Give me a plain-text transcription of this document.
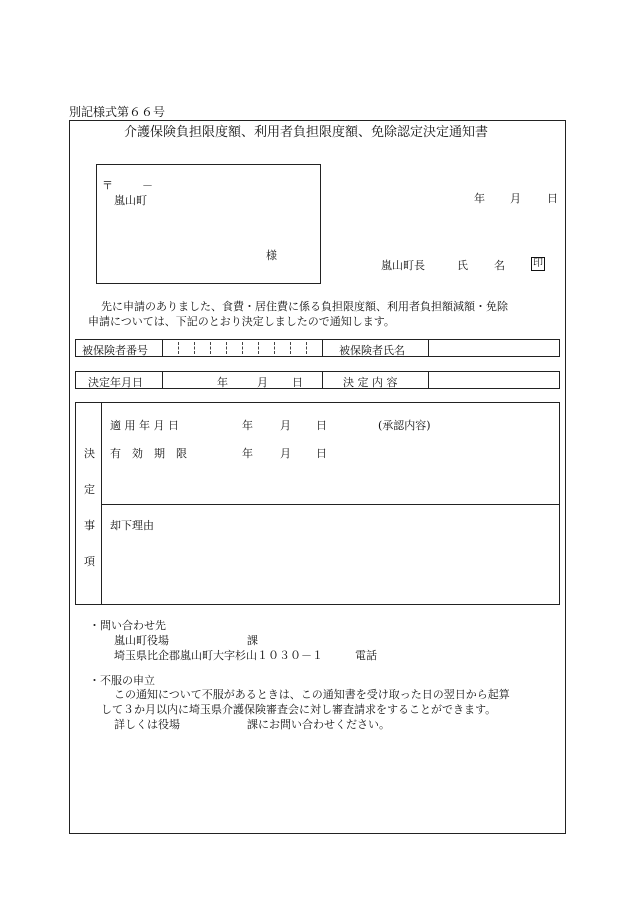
別記様式第６６号
介護保険負担限度額、利用者負担限度額、免除認定決定通知書
〒	－
嵐山町
様
年 月 日
嵐山町長	氏 名	印
先に申請のありました、食費・居住費に係る負担限度額、利用者負担額減額・免除
申請については、下記のとおり決定しましたので通知します。
被保険者番号	被保険者氏名
決定年月日	年	月 日	決 定 内 容
決
定
事
項
適 用 年 月 日	年 月 日	(承認内容)
有　効　期　限	年 月 日
却下理由
・問い合わせ先
嵐山町役場	課
埼玉県比企郡嵐山町大字杉山１０３０－１	電話
・不服の申立
この通知について不服があるときは、この通知書を受け取った日の翌日から起算
して３か月以内に埼玉県介護保険審査会に対し審査請求をすることができます。
詳しくは役場	課にお問い合わせください。
